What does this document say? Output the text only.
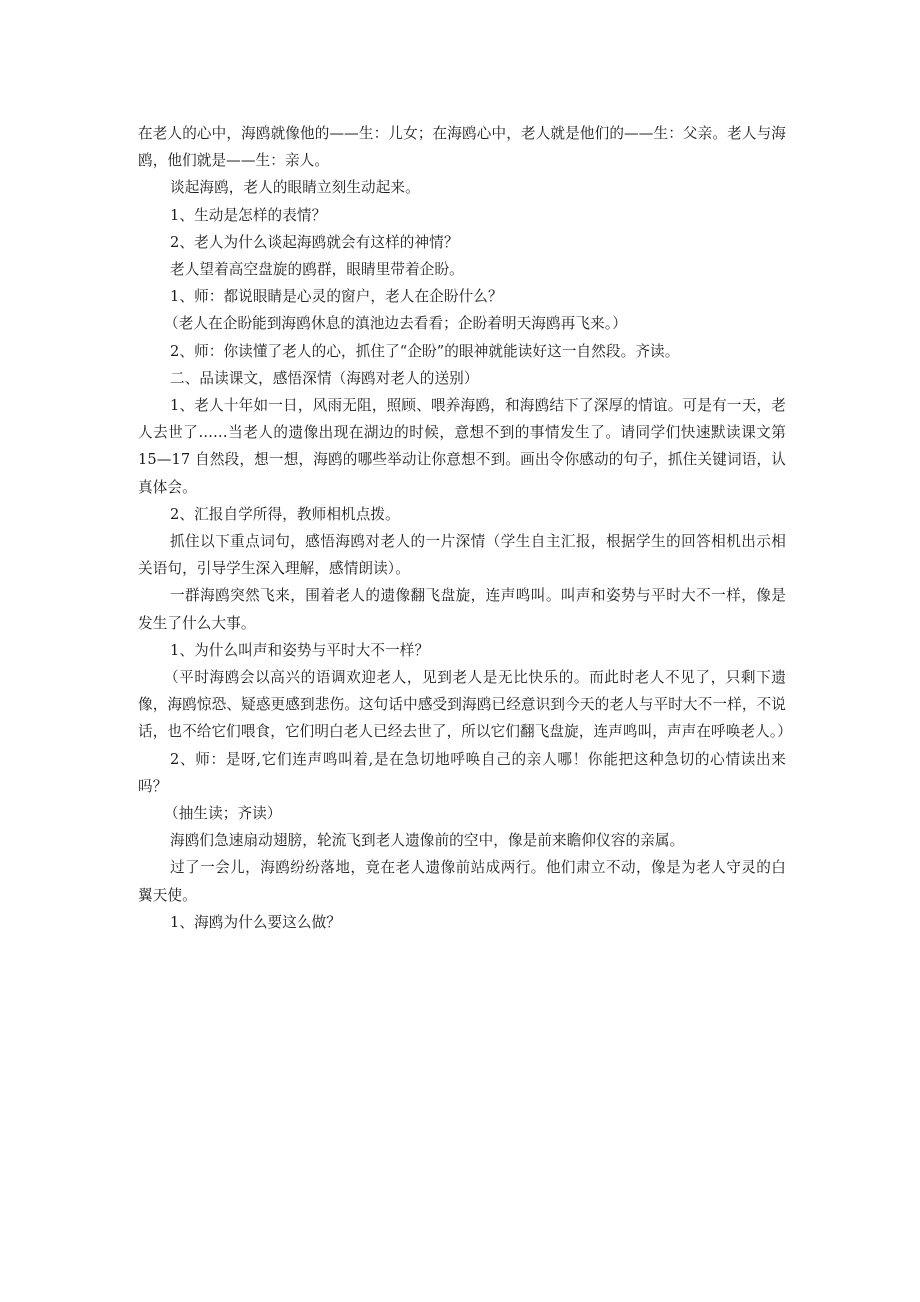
在老人的心中，海鸥就像他的——生：儿女；在海鸥心中，老人就是他们的——生：父亲。老人与海鸥，他们就是——生：亲人。

谈起海鸥，老人的眼睛立刻生动起来。

1、生动是怎样的表情？

2、老人为什么谈起海鸥就会有这样的神情？

老人望着高空盘旋的鸥群，眼睛里带着企盼。

1、师：都说眼睛是心灵的窗户，老人在企盼什么？

（老人在企盼能到海鸥休息的滇池边去看看；企盼着明天海鸥再飞来。）

2、师：你读懂了老人的心，抓住了“企盼”的眼神就能读好这一自然段。齐读。

二、品读课文，感悟深情（海鸥对老人的送别）

1、老人十年如一日，风雨无阻，照顾、喂养海鸥，和海鸥结下了深厚的情谊。可是有一天，老人去世了……当老人的遗像出现在湖边的时候，意想不到的事情发生了。请同学们快速默读课文第 15—17 自然段，想一想，海鸥的哪些举动让你意想不到。画出令你感动的句子，抓住关键词语，认真体会。

2、汇报自学所得，教师相机点拨。

抓住以下重点词句，感悟海鸥对老人的一片深情（学生自主汇报，根据学生的回答相机出示相关语句，引导学生深入理解，感情朗读）。

一群海鸥突然飞来，围着老人的遗像翻飞盘旋，连声鸣叫。叫声和姿势与平时大不一样，像是发生了什么大事。

1、为什么叫声和姿势与平时大不一样？

（平时海鸥会以高兴的语调欢迎老人，见到老人是无比快乐的。而此时老人不见了，只剩下遗像，海鸥惊恐、疑惑更感到悲伤。这句话中感受到海鸥已经意识到今天的老人与平时大不一样，不说话，也不给它们喂食，它们明白老人已经去世了，所以它们翻飞盘旋，连声鸣叫，声声在呼唤老人。）

2、师：是呀,它们连声鸣叫着,是在急切地呼唤自己的亲人哪！你能把这种急切的心情读出来吗？

（抽生读；齐读）

海鸥们急速扇动翅膀，轮流飞到老人遗像前的空中，像是前来瞻仰仪容的亲属。

过了一会儿，海鸥纷纷落地，竟在老人遗像前站成两行。他们肃立不动，像是为老人守灵的白翼天使。

1、海鸥为什么要这么做？
